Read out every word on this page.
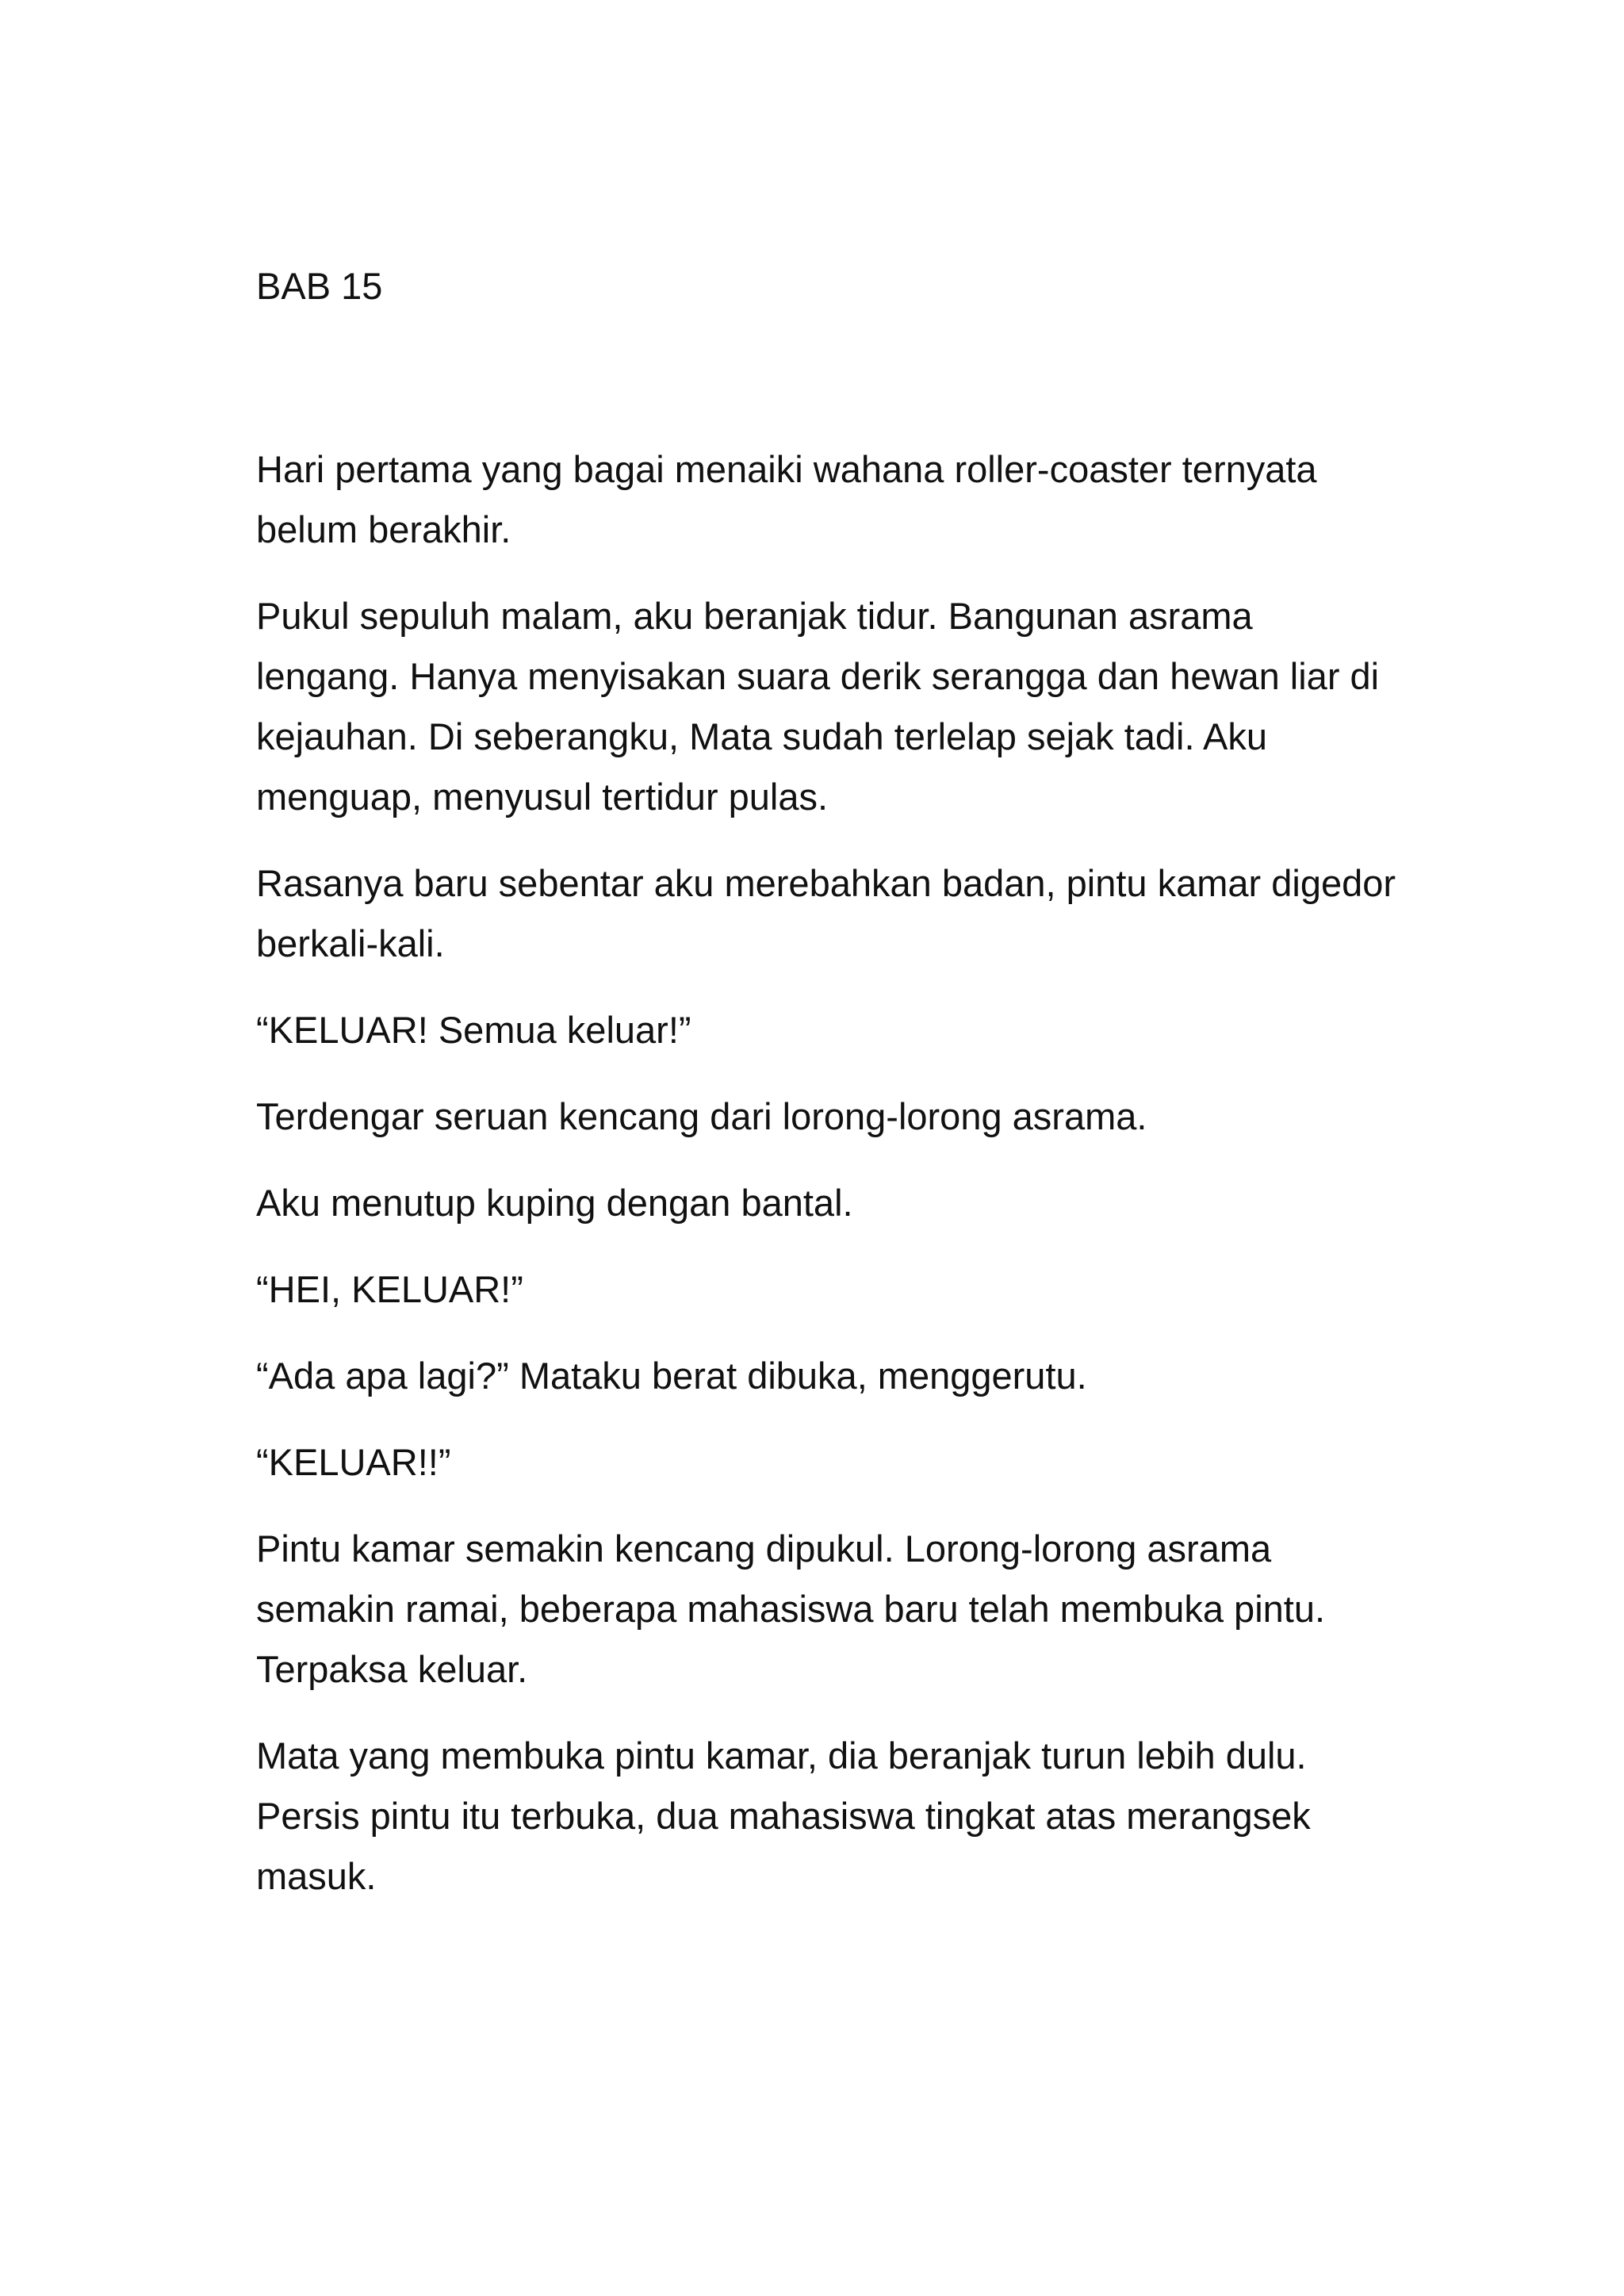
BAB 15

Hari pertama yang bagai menaiki wahana roller-coaster ternyata belum berakhir.

Pukul sepuluh malam, aku beranjak tidur. Bangunan asrama lengang. Hanya menyisakan suara derik serangga dan hewan liar di kejauhan. Di seberangku, Mata sudah terlelap sejak tadi. Aku menguap, menyusul tertidur pulas.

Rasanya baru sebentar aku merebahkan badan, pintu kamar digedor berkali-kali.

“KELUAR! Semua keluar!”

Terdengar seruan kencang dari lorong-lorong asrama.

Aku menutup kuping dengan bantal.

“HEI, KELUAR!”

“Ada apa lagi?” Mataku berat dibuka, menggerutu.

“KELUAR!!”

Pintu kamar semakin kencang dipukul. Lorong-lorong asrama semakin ramai, beberapa mahasiswa baru telah membuka pintu. Terpaksa keluar.

Mata yang membuka pintu kamar, dia beranjak turun lebih dulu. Persis pintu itu terbuka, dua mahasiswa tingkat atas merangsek masuk.
